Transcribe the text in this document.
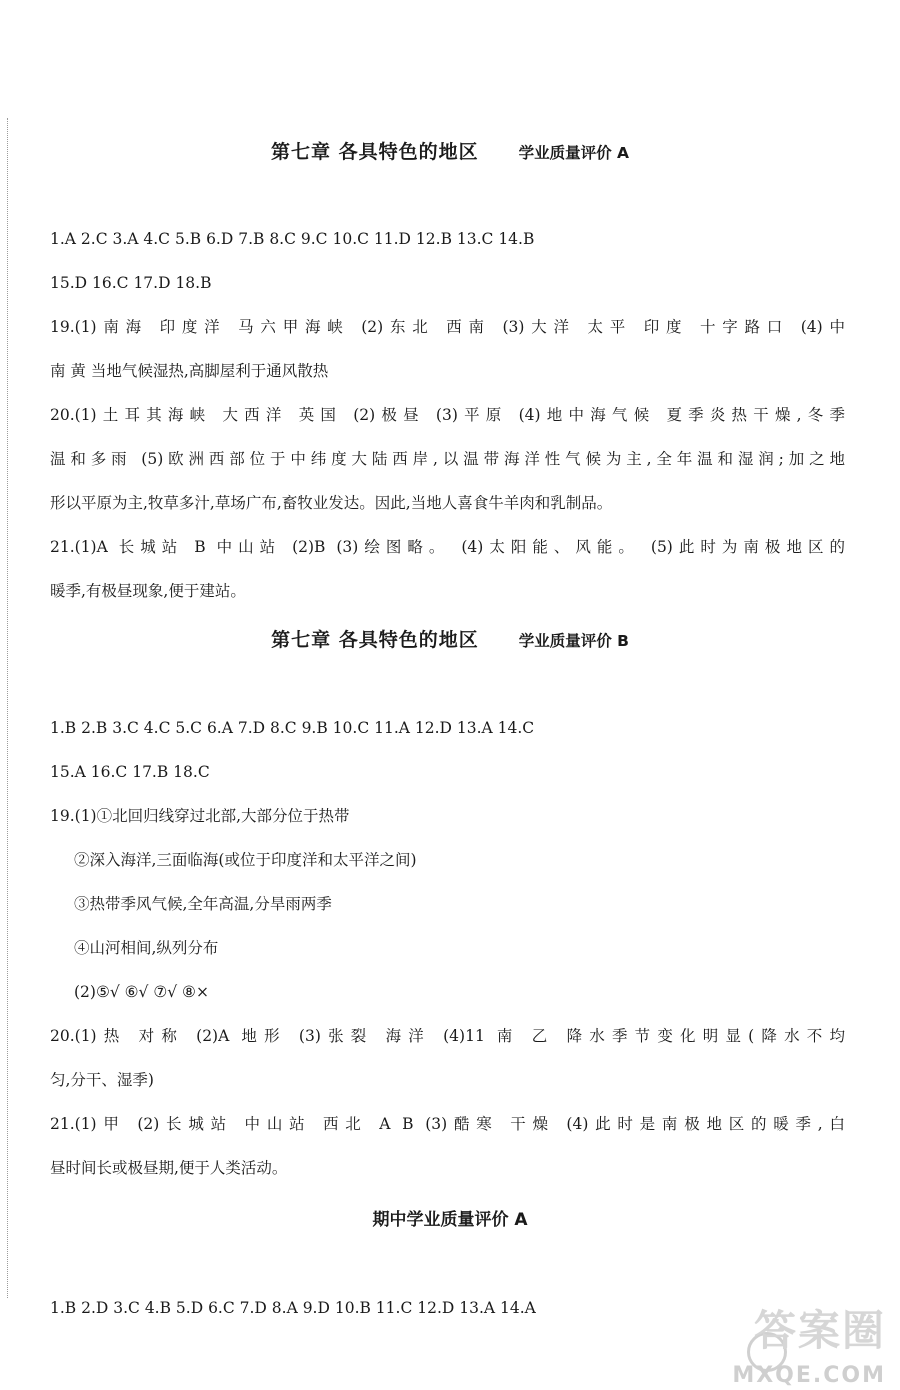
第七章 各具特色的地区	学业质量评价 A
1.A 2.C 3.A 4.C 5.B 6.D 7.B 8.C 9.C 10.C 11.D 12.B 13.C 14.B
15.D 16.C 17.D 18.B
19.(1)南海 印度洋 马六甲海峡 (2)东北 西南 (3)大洋 太平 印度 十字路口 (4)中
南 黄 当地气候湿热,高脚屋利于通风散热
20.(1)土耳其海峡 大西洋 英国 (2)极昼 (3)平原 (4)地中海气候 夏季炎热干燥,冬季
温和多雨 (5)欧洲西部位于中纬度大陆西岸,以温带海洋性气候为主,全年温和湿润;加之地
形以平原为主,牧草多汁,草场广布,畜牧业发达。因此,当地人喜食牛羊肉和乳制品。
21.(1)A 长城站 B 中山站 (2)B (3)绘图略。 (4)太阳能、风能。 (5)此时为南极地区的
暖季,有极昼现象,便于建站。
第七章 各具特色的地区	学业质量评价 B
1.B 2.B 3.C 4.C 5.C 6.A 7.D 8.C 9.B 10.C 11.A 12.D 13.A 14.C
15.A 16.C 17.B 18.C
19.(1)①北回归线穿过北部,大部分位于热带
②深入海洋,三面临海(或位于印度洋和太平洋之间)
③热带季风气候,全年高温,分旱雨两季
④山河相间,纵列分布
(2)⑤√ ⑥√ ⑦√ ⑧×
20.(1)热 对称 (2)A 地形 (3)张裂 海洋 (4)11 南 乙 降水季节变化明显(降水不均
匀,分干、湿季)
21.(1)甲 (2)长城站 中山站 西北 A B (3)酷寒 干燥 (4)此时是南极地区的暖季,白
昼时间长或极昼期,便于人类活动。
期中学业质量评价 A
1.B 2.D 3.C 4.B 5.D 6.C 7.D 8.A 9.D 10.B 11.C 12.D 13.A 14.A	答案圈
MXQE.COM
